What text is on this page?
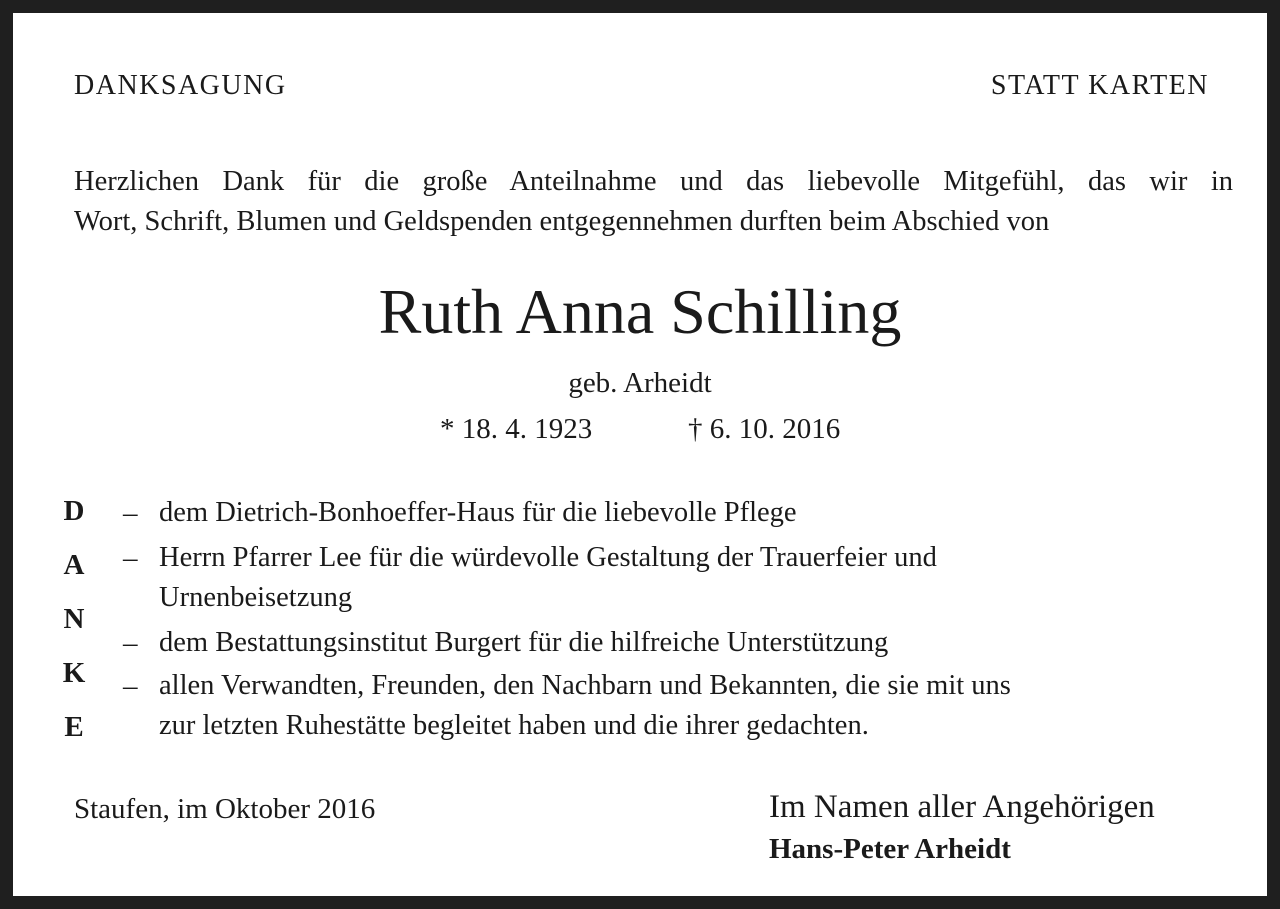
DANKSAGUNG	STATT KARTEN
Herzlichen Dank für die große Anteilnahme und das liebevolle Mitgefühl, das wir in
Wort, Schrift, Blumen und Geldspenden entgegennehmen durften beim Abschied von
Ruth Anna Schilling
geb. Arheidt
* 18. 4. 1923	† 6. 10. 2016
D
A
N
K
E
– dem Dietrich-Bonhoeffer-Haus für die liebevolle Pflege
– Herrn Pfarrer Lee für die würdevolle Gestaltung der Trauerfeier und
Urnenbeisetzung
– dem Bestattungsinstitut Burgert für die hilfreiche Unterstützung
– allen Verwandten, Freunden, den Nachbarn und Bekannten, die sie mit uns
zur letzten Ruhestätte begleitet haben und die ihrer gedachten.
Staufen, im Oktober 2016	Im Namen aller Angehörigen
Hans-Peter Arheidt
